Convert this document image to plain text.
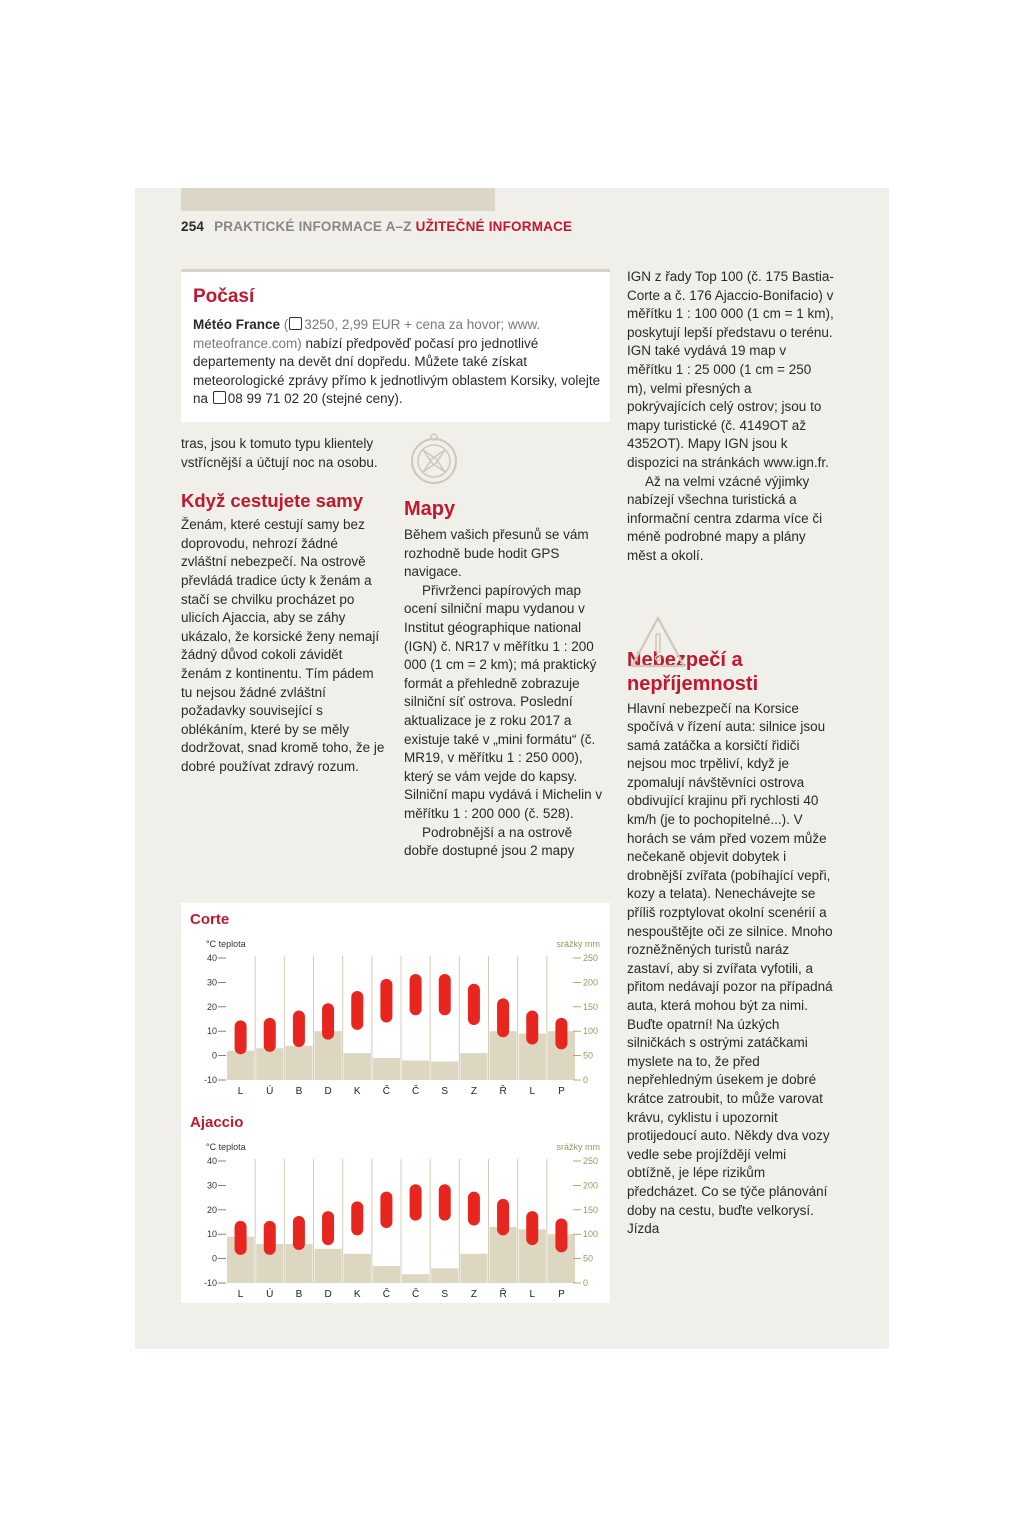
254 PRAKTICKÉ INFORMACE A–Z UŽITEČNÉ INFORMACE
Počasí

Météo France ( 3250, 2,99 EUR + cena za hovor; www. meteofrance.com) nabízí předpověď počasí pro jednotlivé departementy na devět dní dopředu. Můžete také získat meteorologické zprávy přímo k jednotlivým oblastem Korsiky, volejte na 08 99 71 02 20 (stejné ceny).

tras, jsou k tomuto typu klientely vstřícnější a účtují noc na osobu.

Když cestujete samy

Ženám, které cestují samy bez doprovodu, nehrozí žádné zvláštní nebezpečí. Na ostrově převládá tradice úcty k ženám a stačí se chvilku procházet po ulicích Ajaccia, aby se záhy ukázalo, že korsické ženy nemají žádný důvod cokoli závidět ženám z kontinentu. Tím pádem tu nejsou žádné zvláštní požadavky související s oblékáním, které by se měly dodržovat, snad kromě toho, že je dobré používat zdravý rozum.

Mapy

Během vašich přesunů se vám rozhodně bude hodit GPS navigace.

Přivrženci papírových map ocení silniční mapu vydanou v Institut géographique national (IGN) č. NR17 v měřítku 1 : 200 000 (1 cm = 2 km); má praktický formát a přehledně zobrazuje silniční síť ostrova. Poslední aktualizace je z roku 2017 a existuje také v „mini formátu“ (č. MR19, v měřítku 1 : 250 000), který se vám vejde do kapsy. Silniční mapu vydává i Michelin v měřítku 1 : 200 000 (č. 528).

Podrobnější a na ostrově dobře dostupné jsou 2 mapy

IGN z řady Top 100 (č. 175 Bastia-Corte a č. 176 Ajaccio-Bonifacio) v měřítku 1 : 100 000 (1 cm = 1 km), poskytují lepší představu o terénu. IGN také vydává 19 map v měřítku 1 : 25 000 (1 cm = 250 m), velmi přesných a pokrývajících celý ostrov; jsou to mapy turistické (č. 4149OT až 4352OT). Mapy IGN jsou k dispozici na stránkách www.ign.fr.

Až na velmi vzácné výjimky nabízejí všechna turistická a informační centra zdarma více či méně podrobné mapy a plány měst a okolí.

Nebezpečí a nepříjemnosti

Hlavní nebezpečí na Korsice spočívá v řízení auta: silnice jsou samá zatáčka a korsičtí řidiči nejsou moc trpěliví, když je zpomalují návštěvníci ostrova obdivující krajinu při rychlosti 40 km/h (je to pochopitelné...). V horách se vám před vozem může nečekaně objevit dobytek i drobnější zvířata (pobíhající vepři, kozy a telata). Nenechávejte se příliš rozptylovat okolní scenérií a nespouštějte oči ze silnice. Mnoho rozněžněných turistů naráz zastaví, aby si zvířata vyfotili, a přitom nedávají pozor na případná auta, která mohou být za nimi. Buďte opatrní! Na úzkých silničkách s ostrými zatáčkami myslete na to, že před nepřehledným úsekem je dobré krátce zatroubit, to může varovat krávu, cyklistu i upozornit protijedoucí auto. Někdy dva vozy vedle sebe projíždějí velmi obtížně, je lépe rizikům předcházet. Co se týče plánování doby na cestu, buďte velkorysí. Jízda

Corte
°C teplota	srážky mm
40
30
20
10
0
-10
250
200
150
100
50
0
L Ú B D K Č Č S Z Ř L P
Ajaccio
°C teplota	srážky mm
40
30
20
10
0
-10
250
200
150
100
50
0
L Ú B D K Č Č S Z Ř L P
